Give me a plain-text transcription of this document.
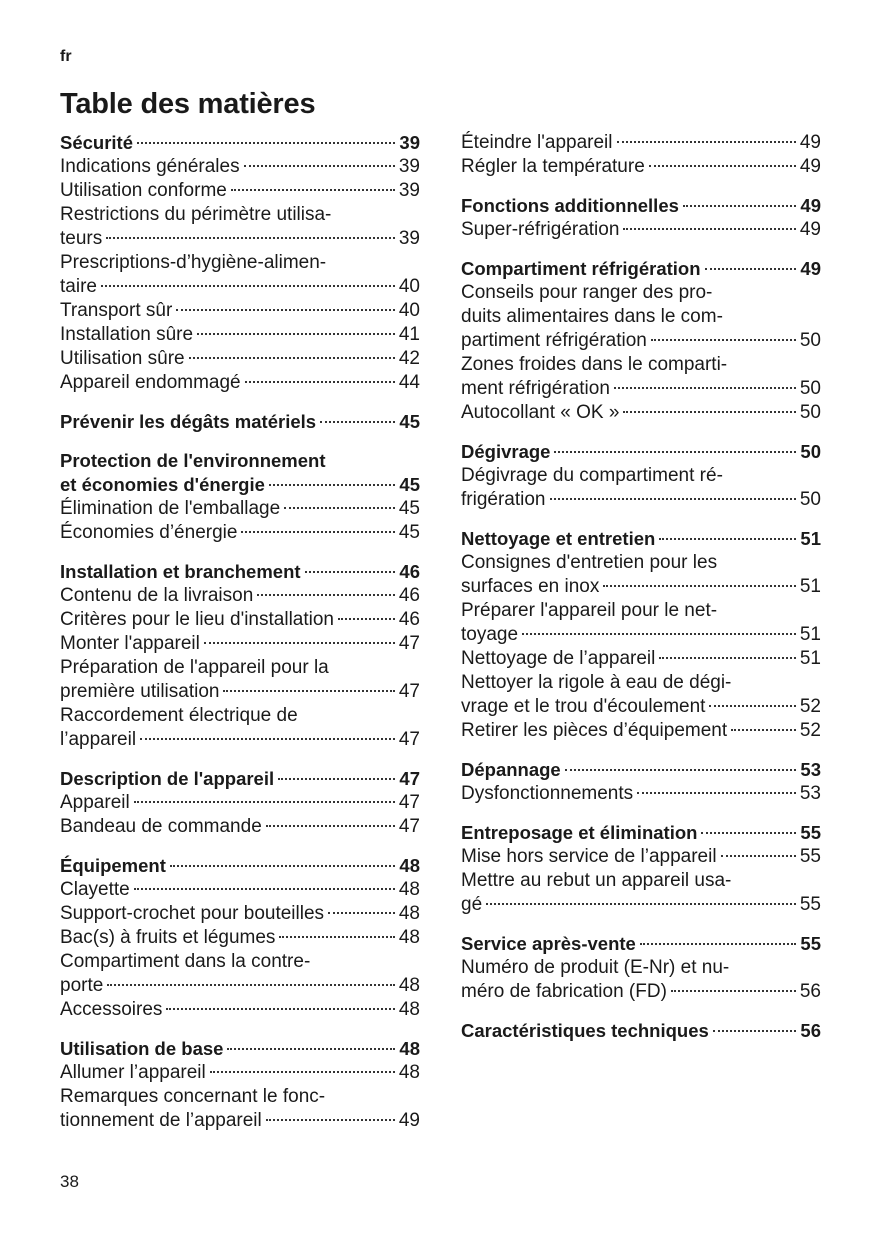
fr
Table des matières
Sécurité	39
Indications générales	39
Utilisation conforme	39
Restrictions du périmètre utilisa-
teurs	39
Prescriptions-d’hygiène-alimen-
taire	40
Transport sûr	40
Installation sûre	41
Utilisation sûre	42
Appareil endommagé	44
Prévenir les dégâts matériels	45
Protection de l'environnement
et économies d'énergie	45
Élimination de l'emballage	45
Économies d’énergie	45
Installation et branchement	46
Contenu de la livraison	46
Critères pour le lieu d'installation	46
Monter l'appareil	47
Préparation de l'appareil pour la
première utilisation	47
Raccordement électrique de
l’appareil	47
Description de l'appareil	47
Appareil	47
Bandeau de commande	47
Équipement	48
Clayette	48
Support-crochet pour bouteilles	48
Bac(s) à fruits et légumes	48
Compartiment dans la contre-
porte	48
Accessoires	48
Utilisation de base	48
Allumer l’appareil	48
Remarques concernant le fonc-
tionnement de l’appareil	49
Éteindre l'appareil	49
Régler la température	49
Fonctions additionnelles	49
Super-réfrigération	49
Compartiment réfrigération	49
Conseils pour ranger des pro-
duits alimentaires dans le com-
partiment réfrigération	50
Zones froides dans le comparti-
ment réfrigération	50
Autocollant « OK »	50
Dégivrage	50
Dégivrage du compartiment ré-
frigération	50
Nettoyage et entretien	51
Consignes d'entretien pour les
surfaces en inox	51
Préparer l'appareil pour le net-
toyage	51
Nettoyage de l’appareil	51
Nettoyer la rigole à eau de dégi-
vrage et le trou d'écoulement	52
Retirer les pièces d’équipement	52
Dépannage	53
Dysfonctionnements	53
Entreposage et élimination	55
Mise hors service de l’appareil	55
Mettre au rebut un appareil usa-
gé	55
Service après-vente	55
Numéro de produit (E-Nr) et nu-
méro de fabrication (FD)	56
Caractéristiques techniques	56
38
